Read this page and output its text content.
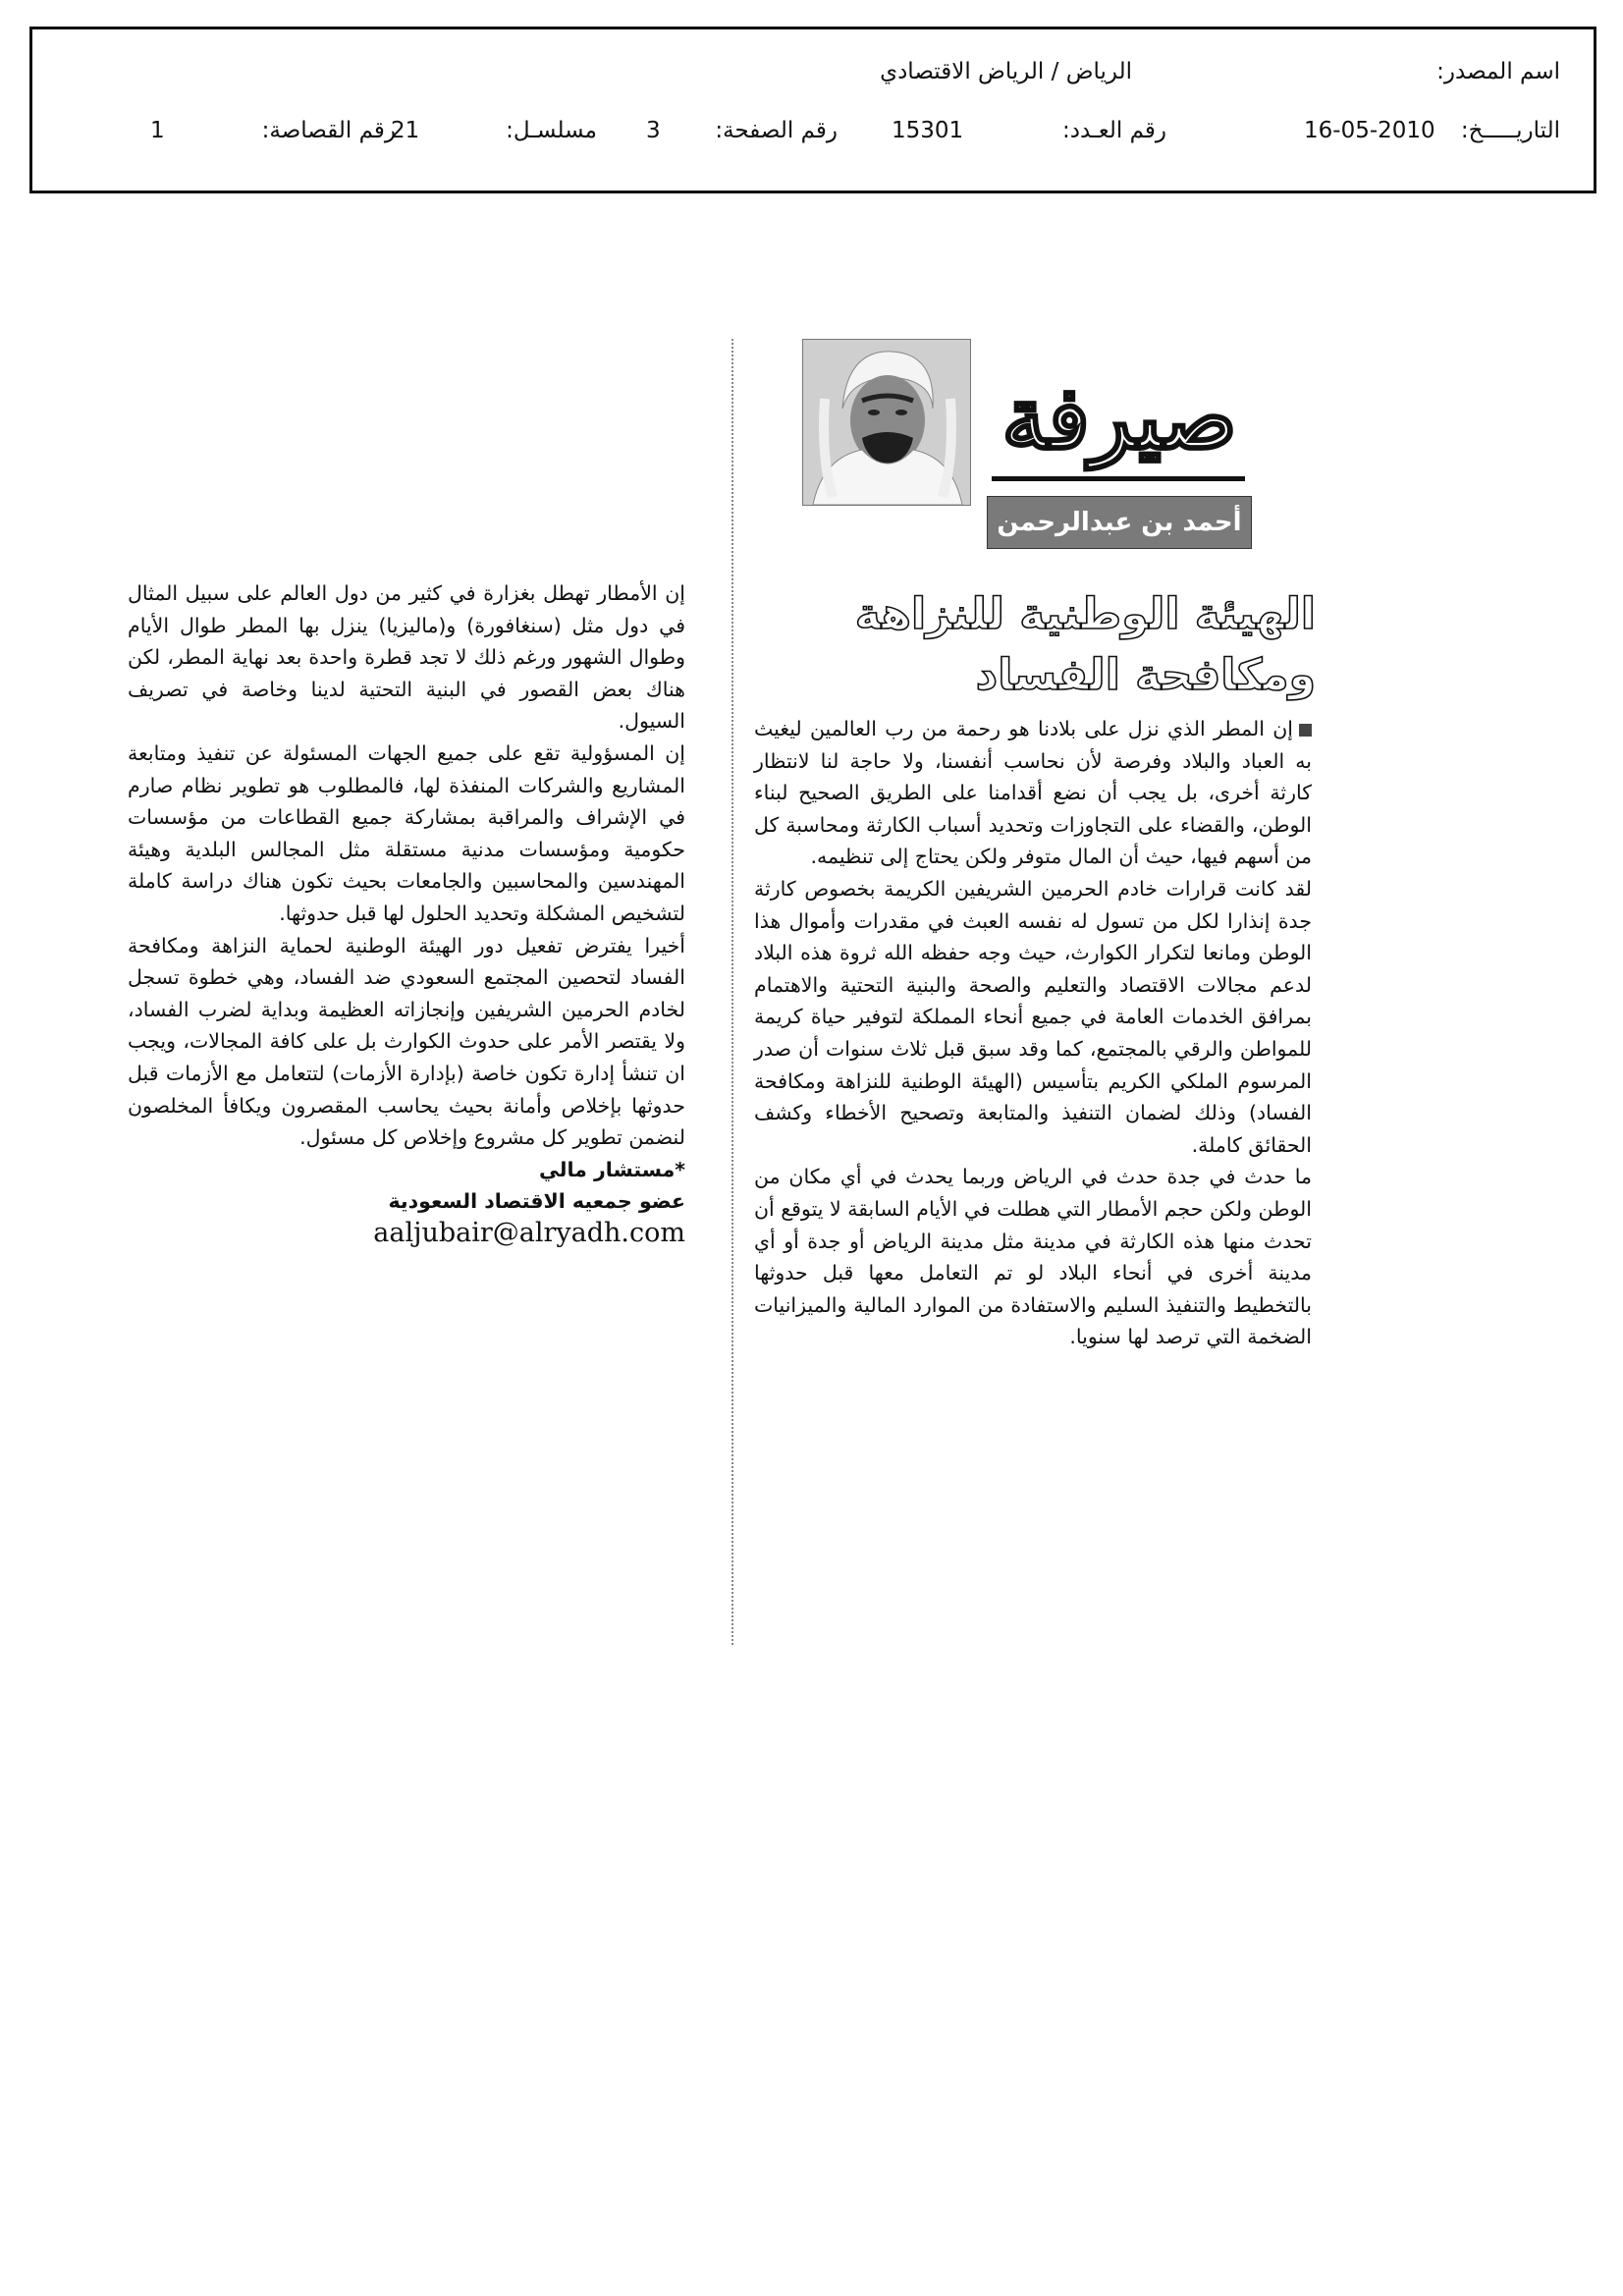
اسم المصدر:
الرياض / الرياض الاقتصادي
التاريـــــخ:
16-05-2010
رقم العـدد:
15301
رقم الصفحة:
3
مسلسـل:
21
رقم القصاصة:
1
صيرفة
أحمد بن عبدالرحمن الجبير*
الهيئة الوطنية للنزاهة ومكافحة الفساد

إن المطر الذي نزل على بلادنا هو رحمة من رب العالمين ليغيث به العباد والبلاد وفرصة لأن نحاسب أنفسنا، ولا حاجة لنا لانتظار كارثة أخرى، بل يجب أن نضع أقدامنا على الطريق الصحيح لبناء الوطن، والقضاء على التجاوزات وتحديد أسباب الكارثة ومحاسبة كل من أسهم فيها، حيث أن المال متوفر ولكن يحتاج إلى تنظيمه.

لقد كانت قرارات خادم الحرمين الشريفين الكريمة بخصوص كارثة جدة إنذارا لكل من تسول له نفسه العبث في مقدرات وأموال هذا الوطن ومانعا لتكرار الكوارث، حيث وجه حفظه الله ثروة هذه البلاد لدعم مجالات الاقتصاد والتعليم والصحة والبنية التحتية والاهتمام بمرافق الخدمات العامة في جميع أنحاء المملكة لتوفير حياة كريمة للمواطن والرقي بالمجتمع، كما وقد سبق قبل ثلاث سنوات أن صدر المرسوم الملكي الكريم بتأسيس (الهيئة الوطنية للنزاهة ومكافحة الفساد) وذلك لضمان التنفيذ والمتابعة وتصحيح الأخطاء وكشف الحقائق كاملة.

ما حدث في جدة حدث في الرياض وربما يحدث في أي مكان من الوطن ولكن حجم الأمطار التي هطلت في الأيام السابقة لا يتوقع أن تحدث منها هذه الكارثة في مدينة مثل مدينة الرياض أو جدة أو أي مدينة أخرى في أنحاء البلاد لو تم التعامل معها قبل حدوثها بالتخطيط والتنفيذ السليم والاستفادة من الموارد المالية والميزانيات الضخمة التي ترصد لها سنويا.

إن الأمطار تهطل بغزارة في كثير من دول العالم على سبيل المثال في دول مثل (سنغافورة) و(ماليزيا) ينزل بها المطر طوال الأيام وطوال الشهور ورغم ذلك لا تجد قطرة واحدة بعد نهاية المطر، لكن هناك بعض القصور في البنية التحتية لدينا وخاصة في تصريف السيول.

إن المسؤولية تقع على جميع الجهات المسئولة عن تنفيذ ومتابعة المشاريع والشركات المنفذة لها، فالمطلوب هو تطوير نظام صارم في الإشراف والمراقبة بمشاركة جميع القطاعات من مؤسسات حكومية ومؤسسات مدنية مستقلة مثل المجالس البلدية وهيئة المهندسين والمحاسبين والجامعات بحيث تكون هناك دراسة كاملة لتشخيص المشكلة وتحديد الحلول لها قبل حدوثها.

أخيرا يفترض تفعيل دور الهيئة الوطنية لحماية النزاهة ومكافحة الفساد لتحصين المجتمع السعودي ضد الفساد، وهي خطوة تسجل لخادم الحرمين الشريفين وإنجازاته العظيمة وبداية لضرب الفساد، ولا يقتصر الأمر على حدوث الكوارث بل على كافة المجالات، ويجب ان تنشأ إدارة تكون خاصة (بإدارة الأزمات) لتتعامل مع الأزمات قبل حدوثها بإخلاص وأمانة بحيث يحاسب المقصرون ويكافأ المخلصون لنضمن تطوير كل مشروع وإخلاص كل مسئول.

*مستشار مالي

عضو جمعيه الاقتصاد السعودية

aaljubair@alryadh.com
